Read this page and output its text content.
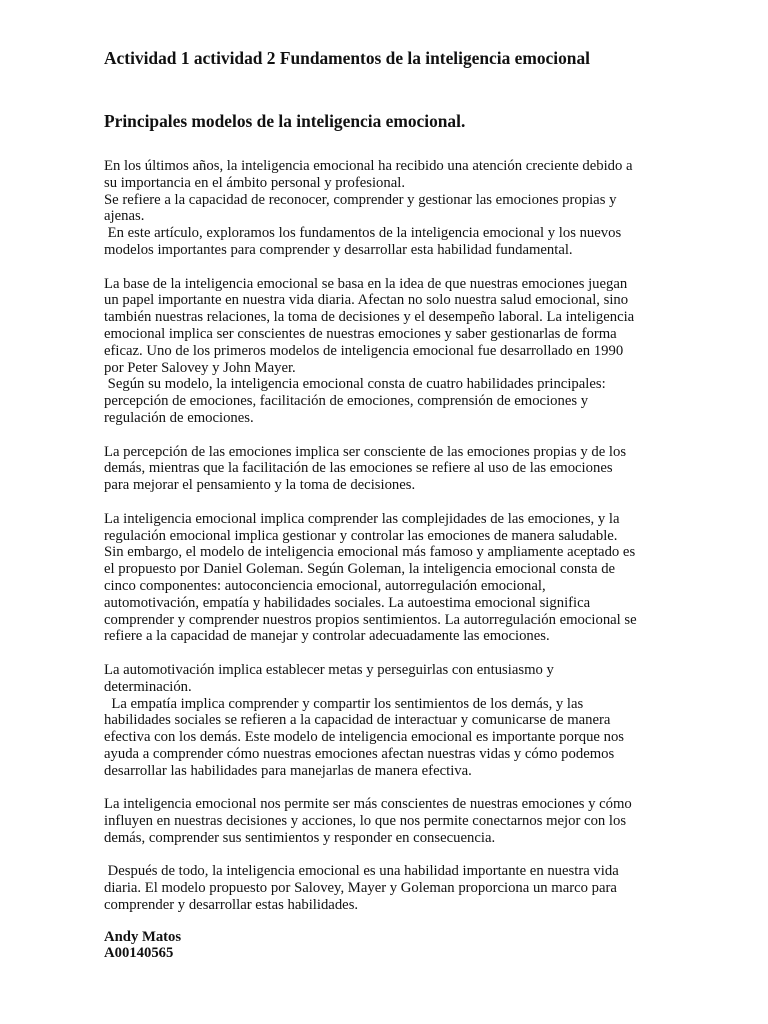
Actividad 1 actividad 2 Fundamentos de la inteligencia emocional
Principales modelos de la inteligencia emocional.
En los últimos años, la inteligencia emocional ha recibido una atención creciente debido a
su importancia en el ámbito personal y profesional.
Se refiere a la capacidad de reconocer, comprender y gestionar las emociones propias y
ajenas.
En este artículo, exploramos los fundamentos de la inteligencia emocional y los nuevos
modelos importantes para comprender y desarrollar esta habilidad fundamental.
La base de la inteligencia emocional se basa en la idea de que nuestras emociones juegan
un papel importante en nuestra vida diaria. Afectan no solo nuestra salud emocional, sino
también nuestras relaciones, la toma de decisiones y el desempeño laboral. La inteligencia
emocional implica ser conscientes de nuestras emociones y saber gestionarlas de forma
eficaz. Uno de los primeros modelos de inteligencia emocional fue desarrollado en 1990
por Peter Salovey y John Mayer.
Según su modelo, la inteligencia emocional consta de cuatro habilidades principales:
percepción de emociones, facilitación de emociones, comprensión de emociones y
regulación de emociones.
La percepción de las emociones implica ser consciente de las emociones propias y de los
demás, mientras que la facilitación de las emociones se refiere al uso de las emociones
para mejorar el pensamiento y la toma de decisiones.
La inteligencia emocional implica comprender las complejidades de las emociones, y la
regulación emocional implica gestionar y controlar las emociones de manera saludable.
Sin embargo, el modelo de inteligencia emocional más famoso y ampliamente aceptado es
el propuesto por Daniel Goleman. Según Goleman, la inteligencia emocional consta de
cinco componentes: autoconciencia emocional, autorregulación emocional,
automotivación, empatía y habilidades sociales. La autoestima emocional significa
comprender y comprender nuestros propios sentimientos. La autorregulación emocional se
refiere a la capacidad de manejar y controlar adecuadamente las emociones.
La automotivación implica establecer metas y perseguirlas con entusiasmo y
determinación.
La empatía implica comprender y compartir los sentimientos de los demás, y las
habilidades sociales se refieren a la capacidad de interactuar y comunicarse de manera
efectiva con los demás. Este modelo de inteligencia emocional es importante porque nos
ayuda a comprender cómo nuestras emociones afectan nuestras vidas y cómo podemos
desarrollar las habilidades para manejarlas de manera efectiva.
La inteligencia emocional nos permite ser más conscientes de nuestras emociones y cómo
influyen en nuestras decisiones y acciones, lo que nos permite conectarnos mejor con los
demás, comprender sus sentimientos y responder en consecuencia.
Después de todo, la inteligencia emocional es una habilidad importante en nuestra vida
diaria. El modelo propuesto por Salovey, Mayer y Goleman proporciona un marco para
comprender y desarrollar estas habilidades.
Andy Matos
A00140565
